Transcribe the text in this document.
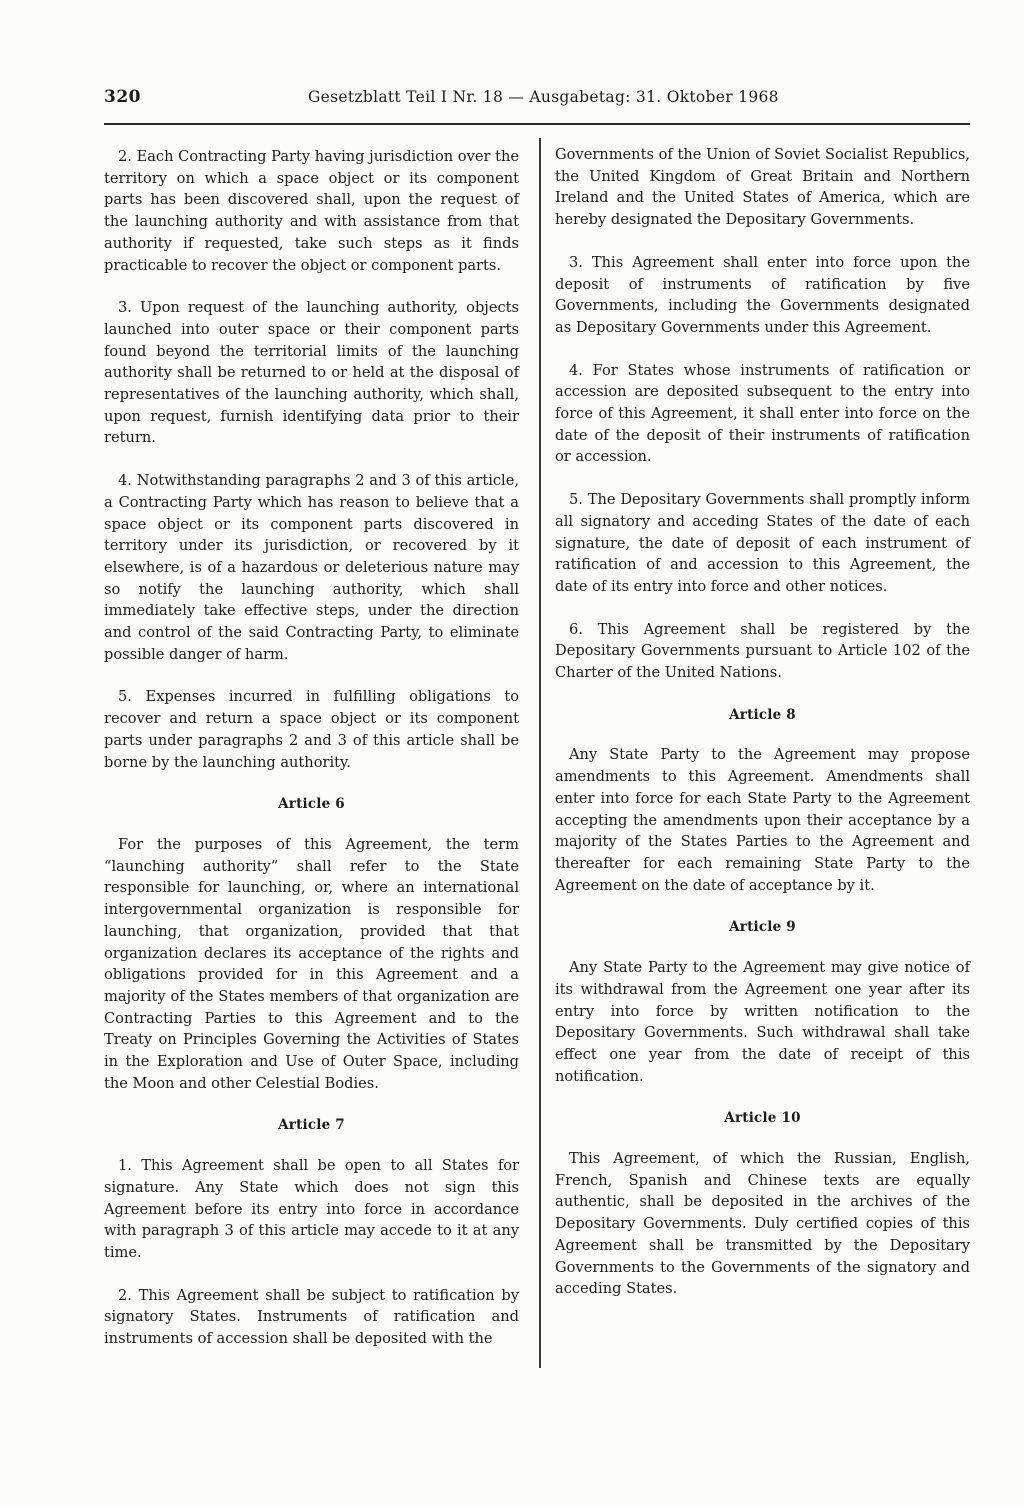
320	Gesetzblatt Teil I Nr. 18 — Ausgabetag: 31. Oktober 1968

2. Each Contracting Party having jurisdiction over the territory on which a space object or its component parts has been discovered shall, upon the request of the launching authority and with assistance from that authority if requested, take such steps as it finds practicable to recover the object or component parts.

3. Upon request of the launching authority, objects launched into outer space or their component parts found beyond the territorial limits of the launching authority shall be returned to or held at the disposal of representatives of the launching authority, which shall, upon request, furnish identifying data prior to their return.

4. Notwithstanding paragraphs 2 and 3 of this article, a Contracting Party which has reason to believe that a space object or its component parts discovered in territory under its jurisdiction, or recovered by it elsewhere, is of a hazardous or deleterious nature may so notify the launching authority, which shall immediately take effective steps, under the direction and control of the said Contracting Party, to eliminate possible danger of harm.

5. Expenses incurred in fulfilling obligations to recover and return a space object or its component parts under paragraphs 2 and 3 of this article shall be borne by the launching authority.

Article 6

For the purposes of this Agreement, the term “launching authority” shall refer to the State responsible for launching, or, where an international intergovernmental organization is responsible for launching, that organization, provided that that organization declares its acceptance of the rights and obligations provided for in this Agreement and a majority of the States members of that organization are Contracting Parties to this Agreement and to the Treaty on Principles Governing the Activities of States in the Exploration and Use of Outer Space, including the Moon and other Celestial Bodies.

Article 7

1. This Agreement shall be open to all States for signature. Any State which does not sign this Agreement before its entry into force in accordance with paragraph 3 of this article may accede to it at any time.

2. This Agreement shall be subject to ratification by signatory States. Instruments of ratification and instruments of accession shall be deposited with the

Governments of the Union of Soviet Socialist Republics, the United Kingdom of Great Britain and Northern Ireland and the United States of America, which are hereby designated the Depositary Governments.

3. This Agreement shall enter into force upon the deposit of instruments of ratification by five Governments, including the Governments designated as Depositary Governments under this Agreement.

4. For States whose instruments of ratification or accession are deposited subsequent to the entry into force of this Agreement, it shall enter into force on the date of the deposit of their instruments of ratification or accession.

5. The Depositary Governments shall promptly inform all signatory and acceding States of the date of each signature, the date of deposit of each instrument of ratification of and accession to this Agreement, the date of its entry into force and other notices.

6. This Agreement shall be registered by the Depositary Governments pursuant to Article 102 of the Charter of the United Nations.

Article 8

Any State Party to the Agreement may propose amendments to this Agreement. Amendments shall enter into force for each State Party to the Agreement accepting the amendments upon their acceptance by a majority of the States Parties to the Agreement and thereafter for each remaining State Party to the Agreement on the date of acceptance by it.

Article 9

Any State Party to the Agreement may give notice of its withdrawal from the Agreement one year after its entry into force by written notification to the Depositary Governments. Such withdrawal shall take effect one year from the date of receipt of this notification.

Article 10

This Agreement, of which the Russian, English, French, Spanish and Chinese texts are equally authentic, shall be deposited in the archives of the Depositary Governments. Duly certified copies of this Agreement shall be transmitted by the Depositary Governments to the Governments of the signatory and acceding States.
